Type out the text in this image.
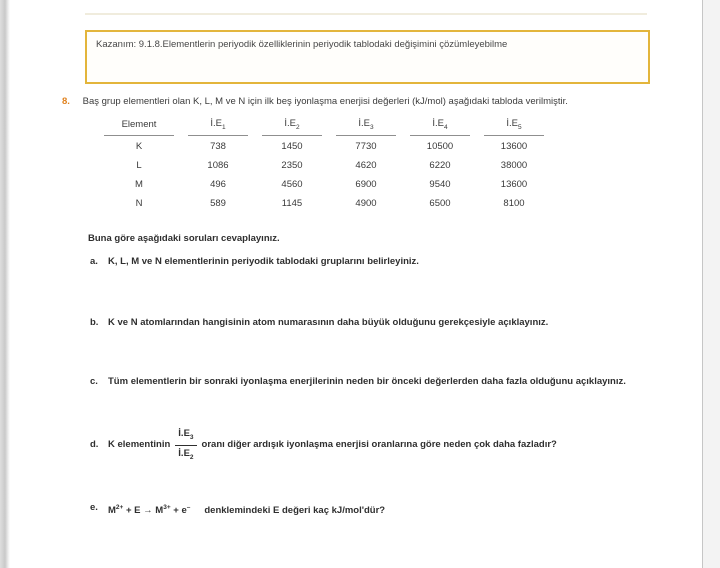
Kazanım: 9.1.8.Elementlerin periyodik özelliklerinin periyodik tablodaki değişimini çözümleyebilme
8. Baş grup elementleri olan K, L, M ve N için ilk beş iyonlaşma enerjisi değerleri (kJ/mol) aşağıdaki tabloda verilmiştir.
Element	$İ.E_1$	$İ.E_2$	$İ.E_3$	$İ.E_4$	$İ.E_5$
K	738	1450	7730	10500	13600
L	1086	2350	4620	6220	38000
M	496	4560	6900	9540	13600
N	589	1145	4900	6500	8100
Buna göre aşağıdaki soruları cevaplayınız.
a. K, L, M ve N elementlerinin periyodik tablodaki gruplarını belirleyiniz.
b. K ve N atomlarından hangisinin atom numarasının daha büyük olduğunu gerekçesiyle açıklayınız.
c. Tüm elementlerin bir sonraki iyonlaşma enerjilerinin neden bir önceki değerlerden daha fazla olduğunu açıklayınız.
d.	K elementinin $\frac{İ.E_3}{İ.E_2}$ oranı diğer ardışık iyonlaşma enerjisi oranlarına göre neden çok daha fazladır?
e. $M^{2+} + E \to M^{3+} + e^-$ denklemindeki E değeri kaç kJ/mol'dür?
